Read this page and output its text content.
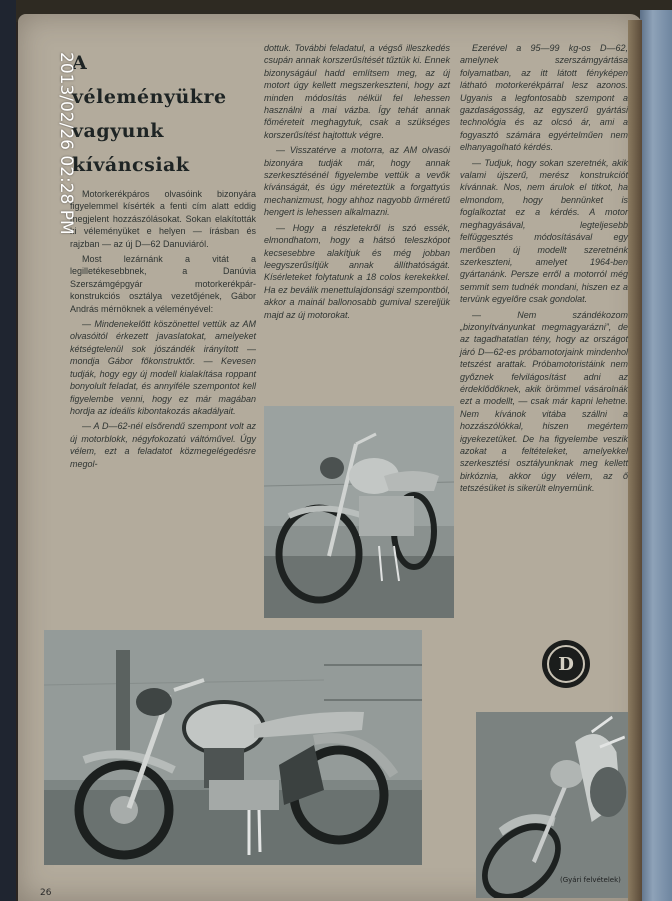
A
véleményükre
vagyunk
kíváncsiak

Motorkerékpáros olvasóink bizonyára figyelemmel kísérték a fenti cím alatt eddig megjelent hozzászólásokat. Sokan elakították ki véleményüket e helyen — írásban és rajzban — az új D—62 Danuviáról.

Most lezárnánk a vitát a legilletékesebbnek, a Danúvia Szerszámgépgyár motorkerékpár-konstrukciós osztálya vezetőjének, Gábor András mérnöknek a véleményével:

— Mindenekelőtt köszönettel vettük az AM olvasóitól érkezett javaslatokat, amelyeket kétségtelenül sok jószándék irányított — mondja Gábor főkonstruktőr. — Kevesen tudják, hogy egy új modell kialakítása roppant bonyolult feladat, és annyiféle szempontot kell figyelembe venni, hogy ez már magában hordja az ideális kibontakozás akadályait.

— A D—62-nél elsőrendű szempont volt az új motorblokk, négyfokozatú váltóművel. Úgy vélem, ezt a feladatot közmegelégedésre megol-

dottuk. További feladatul, a végső illeszkedés csupán annak korszerűsítését tűztük ki. Ennek bizonyságául hadd említsem meg, az új motort úgy kellett megszerkeszteni, hogy azt minden módosítás nélkül fel lehessen használni a mai vázba. Így tehát annak főméreteit meghagytuk, csak a szükséges korszerűsítést hajtottuk végre.

— Visszatérve a motorra, az AM olvasói bizonyára tudják már, hogy annak szerkesztésénél figyelembe vettük a vevők kívánságát, és úgy méreteztük a forgattyús mechanizmust, hogy ahhoz nagyobb űrméretű hengert is lehessen alkalmazni.

— Hogy a részletekről is szó essék, elmondhatom, hogy a hátsó teleszkópot kecsesebbre alakítjuk és még jobban leegyszerűsítjük annak állíthatóságát. Kísérleteket folytatunk a 18 colos kerekekkel. Ha ez beválik menettulajdonsági szempontból, akkor a mainál ballonosabb gumival szereljük majd az új motorokat.

Ezerével a 95—99 kg-os D—62, amelynek szerszámgyártása folyamatban, az itt látott fényképen látható motorkerékpárral lesz azonos. Ugyanis a legfontosabb szempont a gazdaságosság, az egyszerű gyártási technológia és az olcsó ár, ami a fogyasztó számára egyértelműen nem elhanyagolható kérdés.

— Tudjuk, hogy sokan szeretnék, akik valami újszerű, merész konstrukciót kívánnak. Nos, nem árulok el titkot, ha elmondom, hogy bennünket is foglalkoztat ez a kérdés. A motor meghagyásával, legteljesebb felfüggesztés módosításával egy merőben új modellt szeretnénk szerkeszteni, amelyet 1964-ben gyártanánk. Persze erről a motorról még semmit sem tudnék mondani, hiszen ez a tervünk egyelőre csak gondolat.

— Nem szándékozom „bizonyítványunkat megmagyarázni”, de az tagadhatatlan tény, hogy az országot járó D—62-es próbamotorjaink mindenhol tetszést arattak. Próbamotoristáink nem győznek felvilágosítást adni az érdeklődőknek, akik örömmel vásárolnák ezt a modellt, — csak már kapni lehetne. Nem kívánok vitába szállni a hozzászólókkal, hiszen megértem igyekezetüket. De ha figyelembe veszik azokat a feltételeket, amelyekkel szerkesztési osztályunknak meg kellett birkóznia, akkor úgy vélem, az ő tetszésüket is sikerült elnyernünk.

D
(Gyári felvételek)
26
2013/02/26 02:28 PM
